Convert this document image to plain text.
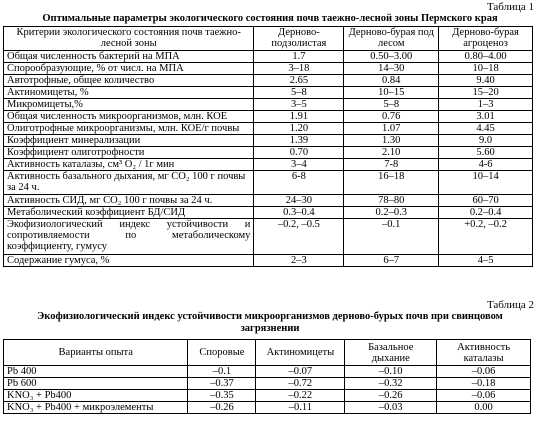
Таблица 1
Оптимальные параметры экологического состояния почв таежно-лесной зоны Пермского края
Критерии экологического состояния почв таежно-лесной зоны	Дерново-подзолистая	Дерново-бурая под лесом	Дерново-бурая агроценоз
Общая численность бактерий на МПА	1.7	0.50–3.00	0.80–4.00
Спорообразующие, % от числ. на МПА	3–18	14–30	10–18
Автотрофные, общее количество	2.65	0.84	9.40
Актиномицеты, %	5–8	10–15	15–20
Микромицеты,%	3–5	5–8	1–3
Общая численность микроорганизмов, млн. КОЕ	1.91	0.76	3.01
Олиготрофные микроорганизмы, млн. КОЕ/г почвы	1.20	1.07	4.45
Коэффициент минерализации	1.39	1.30	9.0
Коэффициент олиготрофности	0.70	2.10	5.60
Активность каталазы, см³ О₂ / 1г мин	3–4	7-8	4-6
Активность базального дыхания, мг СО₂ 100 г почвы за 24 ч.	6-8	16–18	10–14
Активность СИД, мг СО₂ 100 г почвы за 24 ч.	24–30	78–80	60–70
Метаболический коэффициент БД/СИД	0.3–0.4	0.2–0.3	0.2–0.4
Экофизиологический индекс устойчивости и сопротивляемости по метаболическому коэффициенту, гумусу	–0.2, –0.5	–0.1	+0.2, –0.2
Содержание гумуса, %	2–3	6–7	4–5
Таблица 2
Экофизиологический индекс устойчивости микроорганизмов дерново-бурых почв при свинцовом загрязнении
Варианты опыта	Споровые	Актиномицеты	Базальное дыхание	Активность каталазы
Pb 400	–0.1	–0.07	–0.10	–0.06
Pb 600	–0.37	–0.72	–0.32	–0.18
KNO₃ + Pb400	–0.35	–0.22	–0.26	–0.06
KNO₃ + Pb400 + микроэлементы	–0.26	–0.11	–0.03	0.00
